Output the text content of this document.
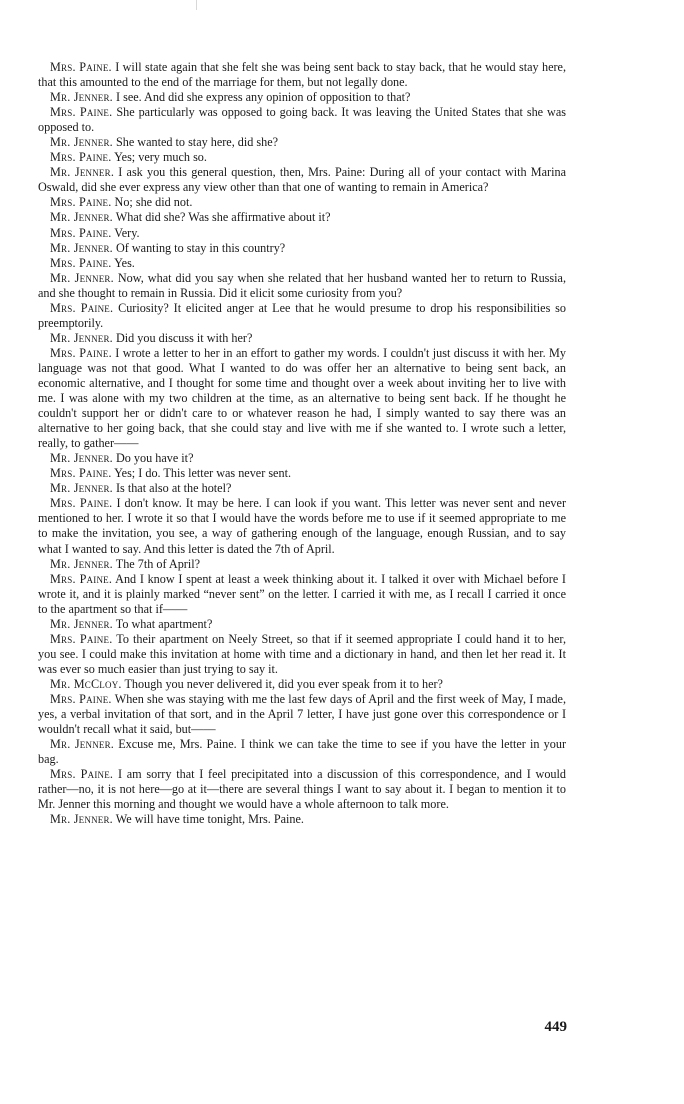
Mrs. Paine. I will state again that she felt she was being sent back to stay back, that he would stay here, that this amounted to the end of the marriage for them, but not legally done.

Mr. Jenner. I see. And did she express any opinion of opposition to that?

Mrs. Paine. She particularly was opposed to going back. It was leaving the United States that she was opposed to.

Mr. Jenner. She wanted to stay here, did she?

Mrs. Paine. Yes; very much so.

Mr. Jenner. I ask you this general question, then, Mrs. Paine: During all of your contact with Marina Oswald, did she ever express any view other than that one of wanting to remain in America?

Mrs. Paine. No; she did not.

Mr. Jenner. What did she? Was she affirmative about it?

Mrs. Paine. Very.

Mr. Jenner. Of wanting to stay in this country?

Mrs. Paine. Yes.

Mr. Jenner. Now, what did you say when she related that her husband wanted her to return to Russia, and she thought to remain in Russia. Did it elicit some curiosity from you?

Mrs. Paine. Curiosity? It elicited anger at Lee that he would presume to drop his responsibilities so preemptorily.

Mr. Jenner. Did you discuss it with her?

Mrs. Paine. I wrote a letter to her in an effort to gather my words. I couldn't just discuss it with her. My language was not that good. What I wanted to do was offer her an alternative to being sent back, an economic alternative, and I thought for some time and thought over a week about inviting her to live with me. I was alone with my two children at the time, as an alternative to being sent back. If he thought he couldn't support her or didn't care to or whatever reason he had, I simply wanted to say there was an alternative to her going back, that she could stay and live with me if she wanted to. I wrote such a letter, really, to gather——

Mr. Jenner. Do you have it?

Mrs. Paine. Yes; I do. This letter was never sent.

Mr. Jenner. Is that also at the hotel?

Mrs. Paine. I don't know. It may be here. I can look if you want. This letter was never sent and never mentioned to her. I wrote it so that I would have the words before me to use if it seemed appropriate to me to make the invitation, you see, a way of gathering enough of the language, enough Russian, and to say what I wanted to say. And this letter is dated the 7th of April.

Mr. Jenner. The 7th of April?

Mrs. Paine. And I know I spent at least a week thinking about it. I talked it over with Michael before I wrote it, and it is plainly marked “never sent” on the letter. I carried it with me, as I recall I carried it once to the apartment so that if——

Mr. Jenner. To what apartment?

Mrs. Paine. To their apartment on Neely Street, so that if it seemed appropriate I could hand it to her, you see. I could make this invitation at home with time and a dictionary in hand, and then let her read it. It was ever so much easier than just trying to say it.

Mr. McCloy. Though you never delivered it, did you ever speak from it to her?

Mrs. Paine. When she was staying with me the last few days of April and the first week of May, I made, yes, a verbal invitation of that sort, and in the April 7 letter, I have just gone over this correspondence or I wouldn't recall what it said, but——

Mr. Jenner. Excuse me, Mrs. Paine. I think we can take the time to see if you have the letter in your bag.

Mrs. Paine. I am sorry that I feel precipitated into a discussion of this correspondence, and I would rather—no, it is not here—go at it—there are several things I want to say about it. I began to mention it to Mr. Jenner this morning and thought we would have a whole afternoon to talk more.

Mr. Jenner. We will have time tonight, Mrs. Paine.

449
